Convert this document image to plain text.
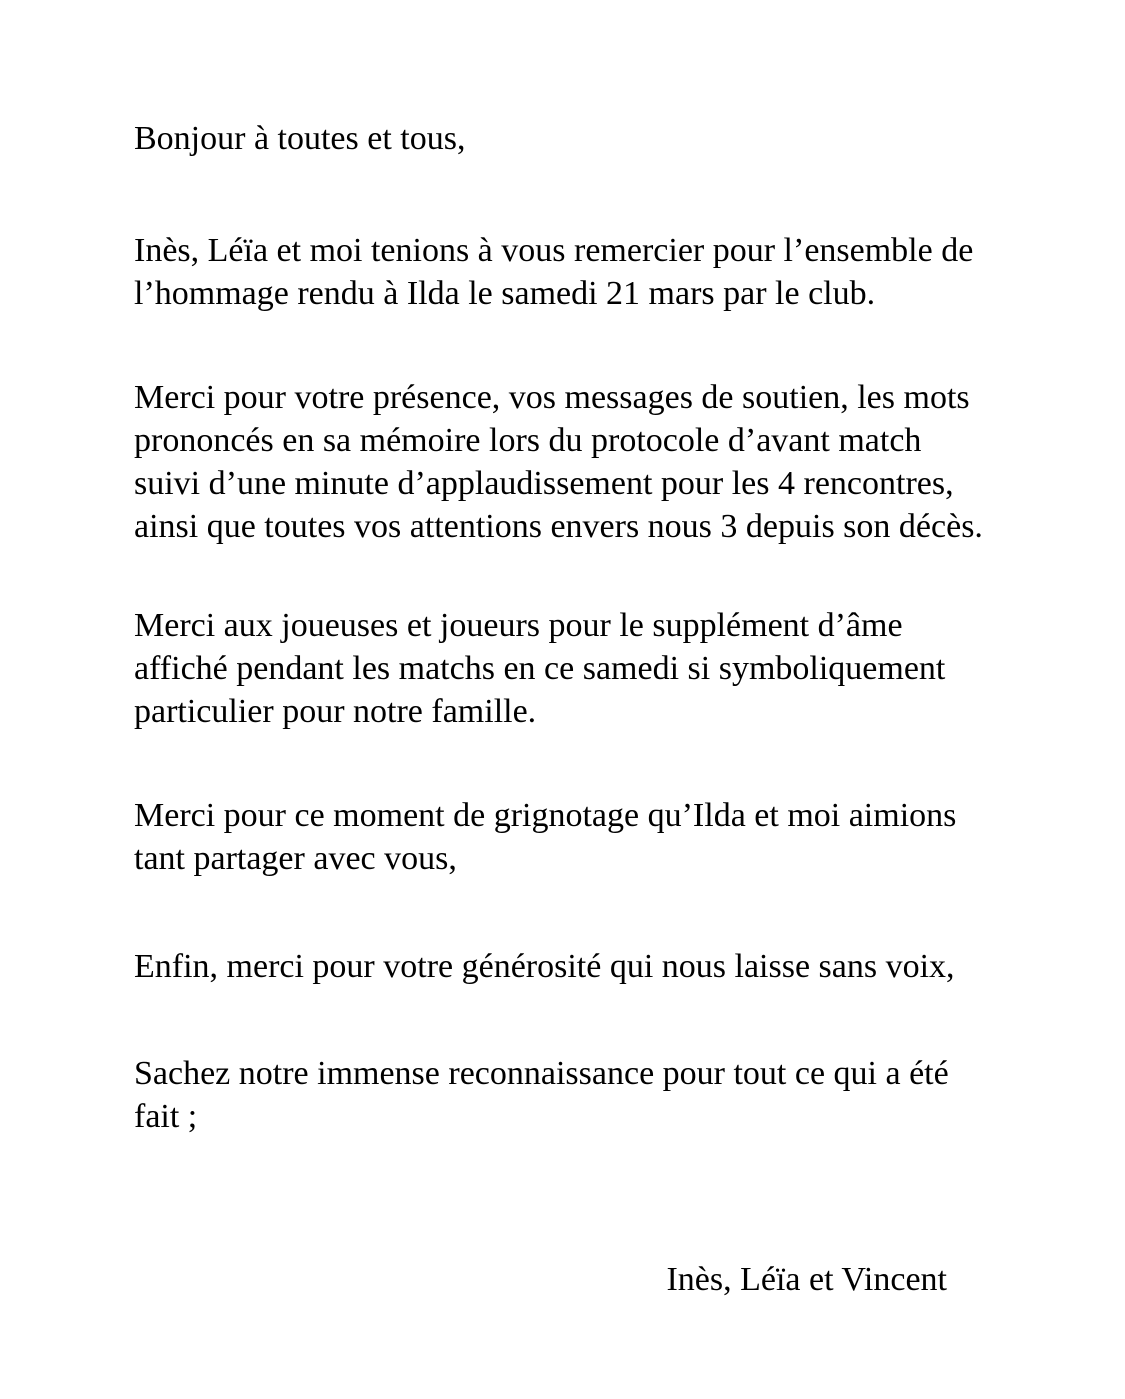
Bonjour à toutes et tous,

Inès, Léïa et moi tenions à vous remercier pour l’ensemble de l’hommage rendu à Ilda le samedi 21 mars par le club.

Merci pour votre présence, vos messages de soutien, les mots prononcés en sa mémoire lors du protocole d’avant match suivi d’une minute d’applaudissement pour les 4 rencontres, ainsi que toutes vos attentions envers nous 3 depuis son décès.

Merci aux joueuses et joueurs pour le supplément d’âme affiché pendant les matchs en ce samedi si symboliquement particulier pour notre famille.

Merci pour ce moment de grignotage qu’Ilda et moi aimions tant partager avec vous,

Enfin, merci pour votre générosité qui nous laisse sans voix,

Sachez notre immense reconnaissance pour tout ce qui a été fait ;

Inès, Léïa et Vincent
